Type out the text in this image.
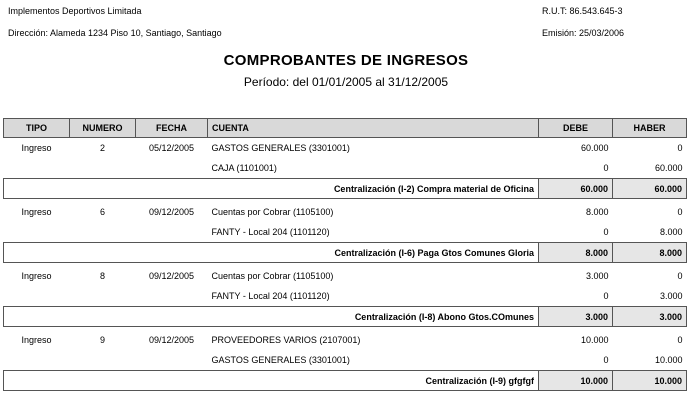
Implementos Deportivos Limitada	R.U.T: 86.543.645-3
Dirección: Alameda 1234 Piso 10, Santiago, Santiago	Emisión: 25/03/2006
COMPROBANTES DE INGRESOS
Período: del 01/01/2005 al 31/12/2005
TIPO	NUMERO	FECHA	CUENTA	DEBE	HABER
Ingreso	2	05/12/2005	GASTOS GENERALES (3301001)	60.000	0
			CAJA (1101001)	0	60.000
Centralización (I-2) Compra material de Oficina				60.000	60.000

Ingreso	6	09/12/2005	Cuentas por Cobrar (1105100)	8.000	0
			FANTY - Local 204 (1101120)	0	8.000
Centralización (I-6) Paga Gtos Comunes Gloria				8.000	8.000

Ingreso	8	09/12/2005	Cuentas por Cobrar (1105100)	3.000	0
			FANTY - Local 204 (1101120)	0	3.000
Centralización (I-8) Abono Gtos.COmunes				3.000	3.000

Ingreso	9	09/12/2005	PROVEEDORES VARIOS (2107001)	10.000	0
			GASTOS GENERALES (3301001)	0	10.000
Centralización (I-9) gfgfgf				10.000	10.000
